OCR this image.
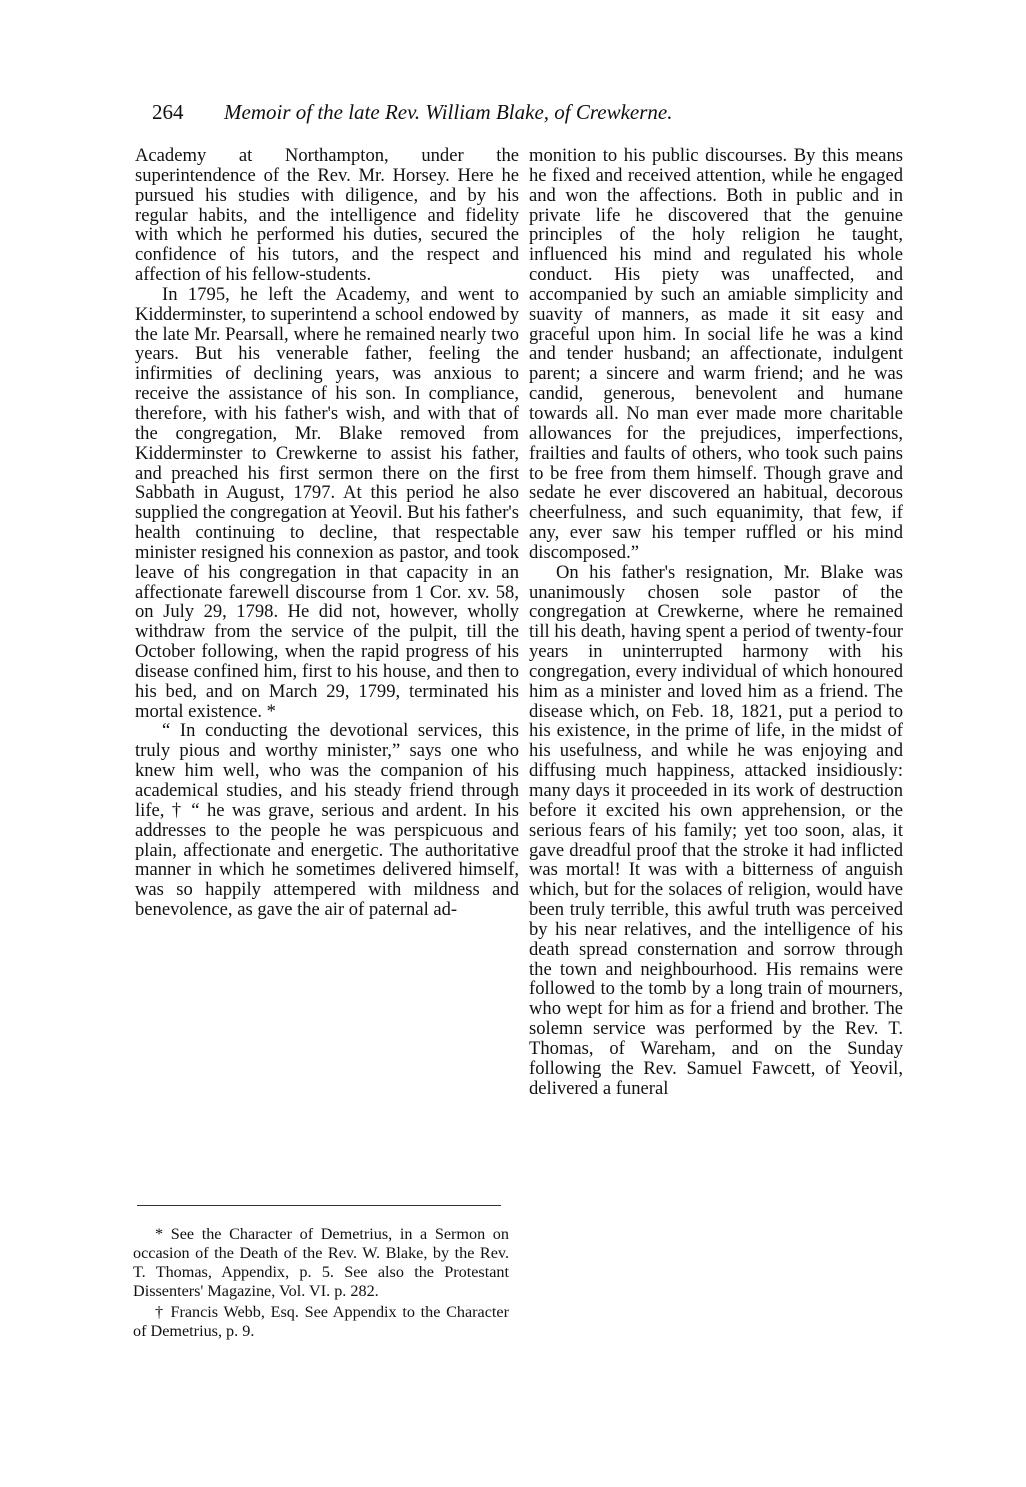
264 Memoir of the late Rev. William Blake, of Crewkerne.

Academy at Northampton, under the superintendence of the Rev. Mr. Horsey. Here he pursued his studies with diligence, and by his regular habits, and the intelligence and fidelity with which he performed his duties, secured the confidence of his tutors, and the respect and affection of his fellow-students.

In 1795, he left the Academy, and went to Kidderminster, to superintend a school endowed by the late Mr. Pearsall, where he remained nearly two years. But his venerable father, feeling the infirmities of declining years, was anxious to receive the assistance of his son. In compliance, therefore, with his father's wish, and with that of the congregation, Mr. Blake removed from Kidderminster to Crewkerne to assist his father, and preached his first sermon there on the first Sabbath in August, 1797. At this period he also supplied the congregation at Yeovil. But his father's health continuing to decline, that respectable minister resigned his connexion as pastor, and took leave of his congregation in that capacity in an affectionate farewell discourse from 1 Cor. xv. 58, on July 29, 1798. He did not, however, wholly withdraw from the service of the pulpit, till the October following, when the rapid progress of his disease confined him, first to his house, and then to his bed, and on March 29, 1799, terminated his mortal existence. *

“ In conducting the devotional services, this truly pious and worthy minister,” says one who knew him well, who was the companion of his academical studies, and his steady friend through life, † “ he was grave, serious and ardent. In his addresses to the people he was perspicuous and plain, affectionate and energetic. The authoritative manner in which he sometimes delivered himself, was so happily attempered with mildness and benevolence, as gave the air of paternal ad-

monition to his public discourses. By this means he fixed and received attention, while he engaged and won the affections. Both in public and in private life he discovered that the genuine principles of the holy religion he taught, influenced his mind and regulated his whole conduct. His piety was unaffected, and accompanied by such an amiable simplicity and suavity of manners, as made it sit easy and graceful upon him. In social life he was a kind and tender husband; an affectionate, indulgent parent; a sincere and warm friend; and he was candid, generous, benevolent and humane towards all. No man ever made more charitable allowances for the prejudices, imperfections, frailties and faults of others, who took such pains to be free from them himself. Though grave and sedate he ever discovered an habitual, decorous cheerfulness, and such equanimity, that few, if any, ever saw his temper ruffled or his mind discomposed.”

On his father's resignation, Mr. Blake was unanimously chosen sole pastor of the congregation at Crewkerne, where he remained till his death, having spent a period of twenty-four years in uninterrupted harmony with his congregation, every individual of which honoured him as a minister and loved him as a friend. The disease which, on Feb. 18, 1821, put a period to his existence, in the prime of life, in the midst of his usefulness, and while he was enjoying and diffusing much happiness, attacked insidiously: many days it proceeded in its work of destruction before it excited his own apprehension, or the serious fears of his family; yet too soon, alas, it gave dreadful proof that the stroke it had inflicted was mortal! It was with a bitterness of anguish which, but for the solaces of religion, would have been truly terrible, this awful truth was perceived by his near relatives, and the intelligence of his death spread consternation and sorrow through the town and neighbourhood. His remains were followed to the tomb by a long train of mourners, who wept for him as for a friend and brother. The solemn service was performed by the Rev. T. Thomas, of Wareham, and on the Sunday following the Rev. Samuel Fawcett, of Yeovil, delivered a funeral

* See the Character of Demetrius, in a Sermon on occasion of the Death of the Rev. W. Blake, by the Rev. T. Thomas, Appendix, p. 5. See also the Protestant Dissenters' Magazine, Vol. VI. p. 282.

† Francis Webb, Esq. See Appendix to the Character of Demetrius, p. 9.
